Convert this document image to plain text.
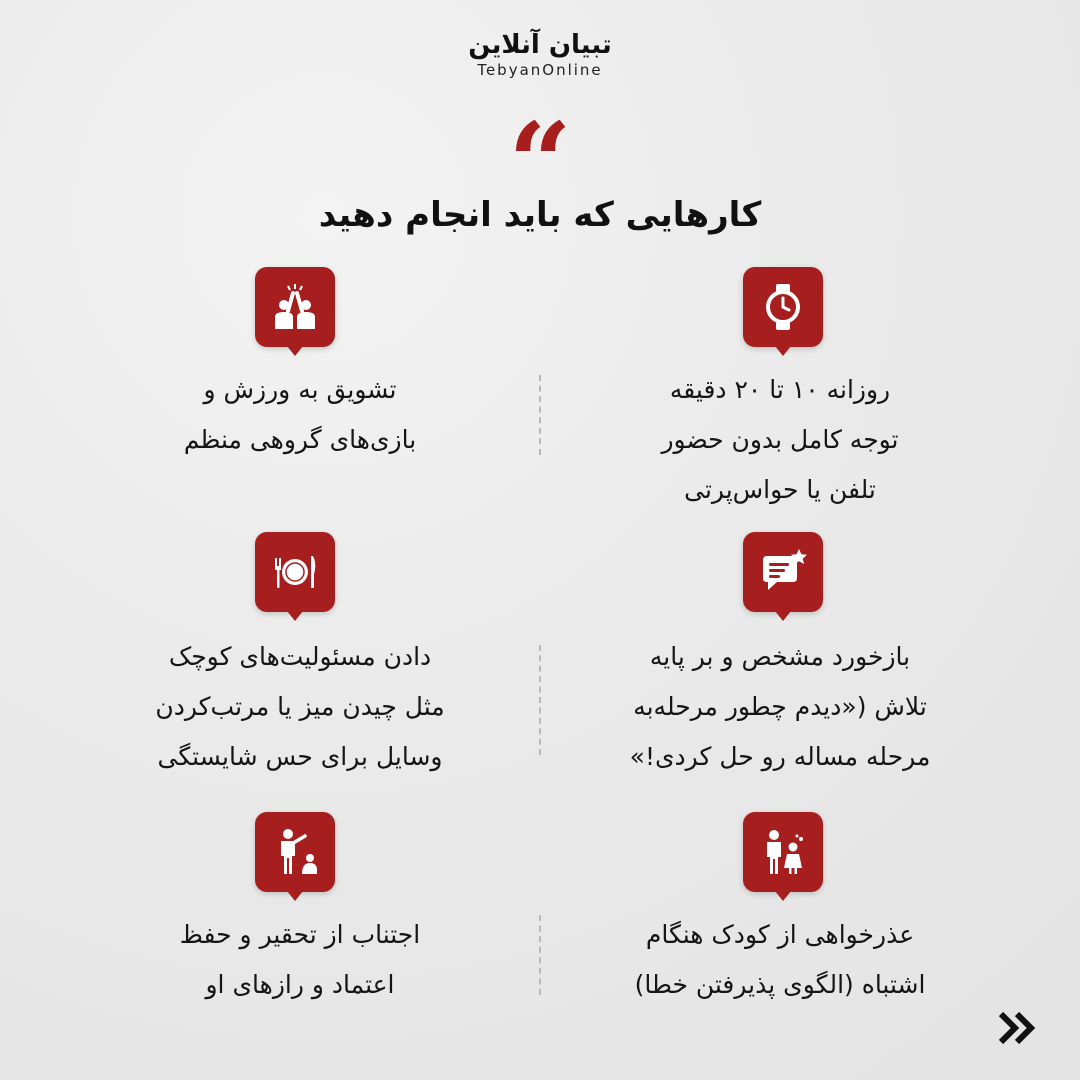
تبیان آنلاین
TebyanOnline
“
کارهایی که باید انجام دهید
روزانه ۱۰ تا ۲۰ دقیقه
توجه کامل بدون حضور
تلفن یا حواس‌پرتی
تشویق به ورزش و
بازی‌های گروهی منظم
بازخورد مشخص و بر پایه
تلاش («دیدم چطور مرحله‌به
مرحله مساله رو حل کردی!»
دادن مسئولیت‌های کوچک
مثل چیدن میز یا مرتب‌کردن
وسایل برای حس شایستگی
عذرخواهی از کودک هنگام
اشتباه (الگوی پذیرفتن خطا)
اجتناب از تحقیر و حفظ
اعتماد و رازهای او
